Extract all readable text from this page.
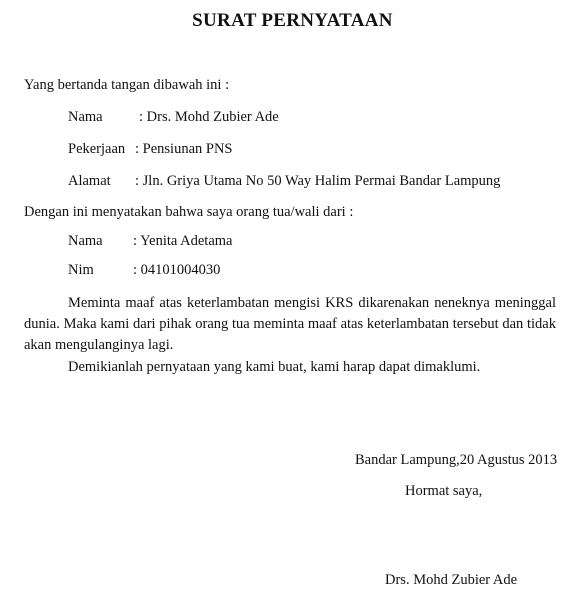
SURAT PERNYATAAN
Yang bertanda tangan dibawah ini :
Nama	: Drs. Mohd Zubier Ade
Pekerjaan : Pensiunan PNS
Alamat : Jln. Griya Utama No 50 Way Halim Permai Bandar Lampung
Dengan ini menyatakan bahwa saya orang tua/wali dari :
Nama : Yenita Adetama
Nim	: 04101004030
Meminta maaf atas keterlambatan mengisi KRS dikarenakan neneknya meninggal dunia. Maka kami dari pihak orang tua meminta maaf atas keterlambatan tersebut dan tidak akan mengulanginya lagi.
Demikianlah pernyataan yang kami buat, kami harap dapat dimaklumi.
Bandar Lampung,20 Agustus 2013
Hormat saya,
Drs. Mohd Zubier Ade
